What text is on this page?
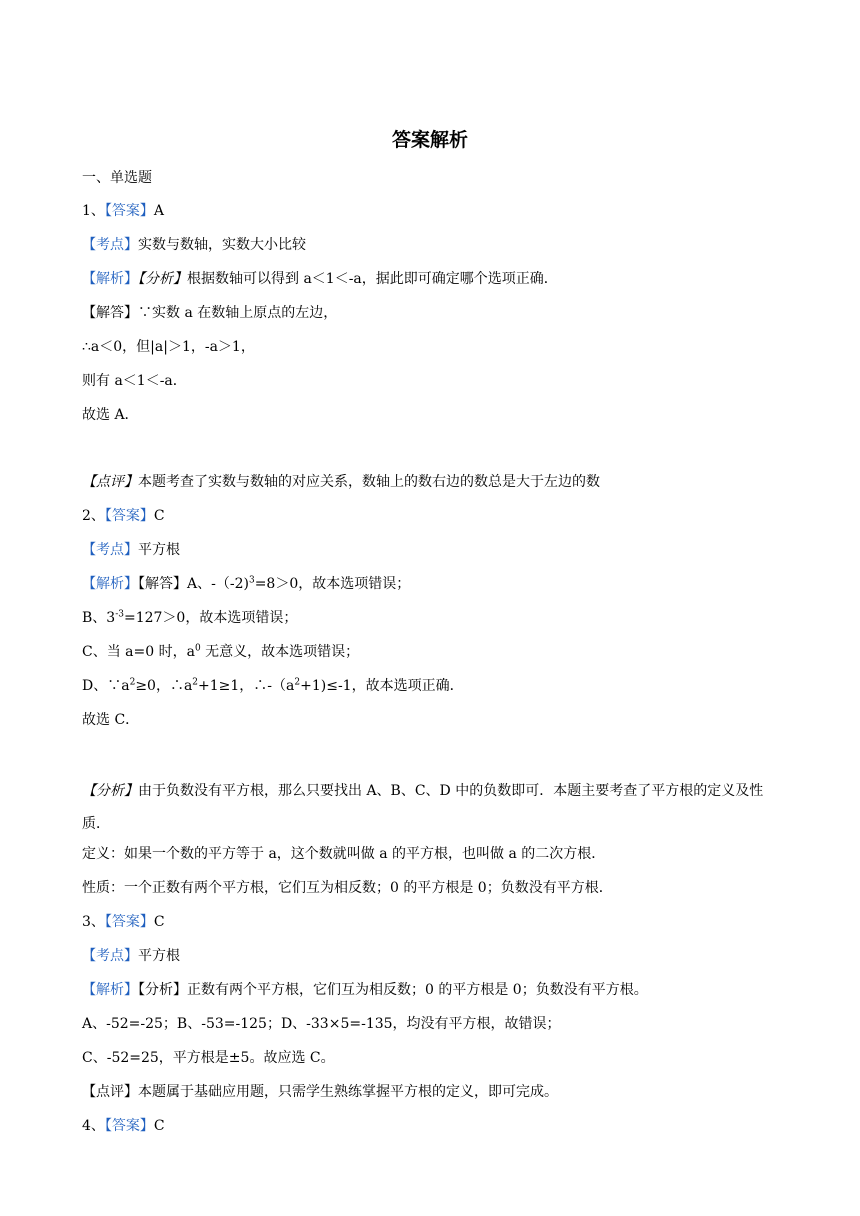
答案解析
一、单选题
1、【答案】A
【考点】实数与数轴，实数大小比较
【解析】【分析】根据数轴可以得到 a＜1＜-a，据此即可确定哪个选项正确．
【解答】∵实数 a 在数轴上原点的左边，
∴a＜0，但|a|＞1，-a＞1，
则有 a＜1＜-a．
故选 A．
【点评】本题考查了实数与数轴的对应关系，数轴上的数右边的数总是大于左边的数
2、【答案】C
【考点】平方根
【解析】【解答】A、-（-2)$^3$=8＞0，故本选项错误；
B、$3^{-3}=127>0$，故本选项错误；
C、当 a=0 时，$a^0$ 无意义，故本选项错误；
D、$\because a^2\ge 0$，$\therefore a^2+1\ge 1$，$\therefore-(a^2+1)\le-1$，故本选项正确．
故选 C．
【分析】由于负数没有平方根，那么只要找出 A、B、C、D 中的负数即可．本题主要考查了平方根的定义及性质．
定义：如果一个数的平方等于 a，这个数就叫做 a 的平方根，也叫做 a 的二次方根．
性质：一个正数有两个平方根，它们互为相反数；0 的平方根是 0；负数没有平方根．
3、【答案】C
【考点】平方根
【解析】【分析】正数有两个平方根，它们互为相反数；0 的平方根是 0；负数没有平方根。
A、-52=-25；B、-53=-125；D、-33×5=-135，均没有平方根，故错误；
C、-52=25，平方根是±5。故应选 C。
【点评】本题属于基础应用题，只需学生熟练掌握平方根的定义，即可完成。
4、【答案】C
